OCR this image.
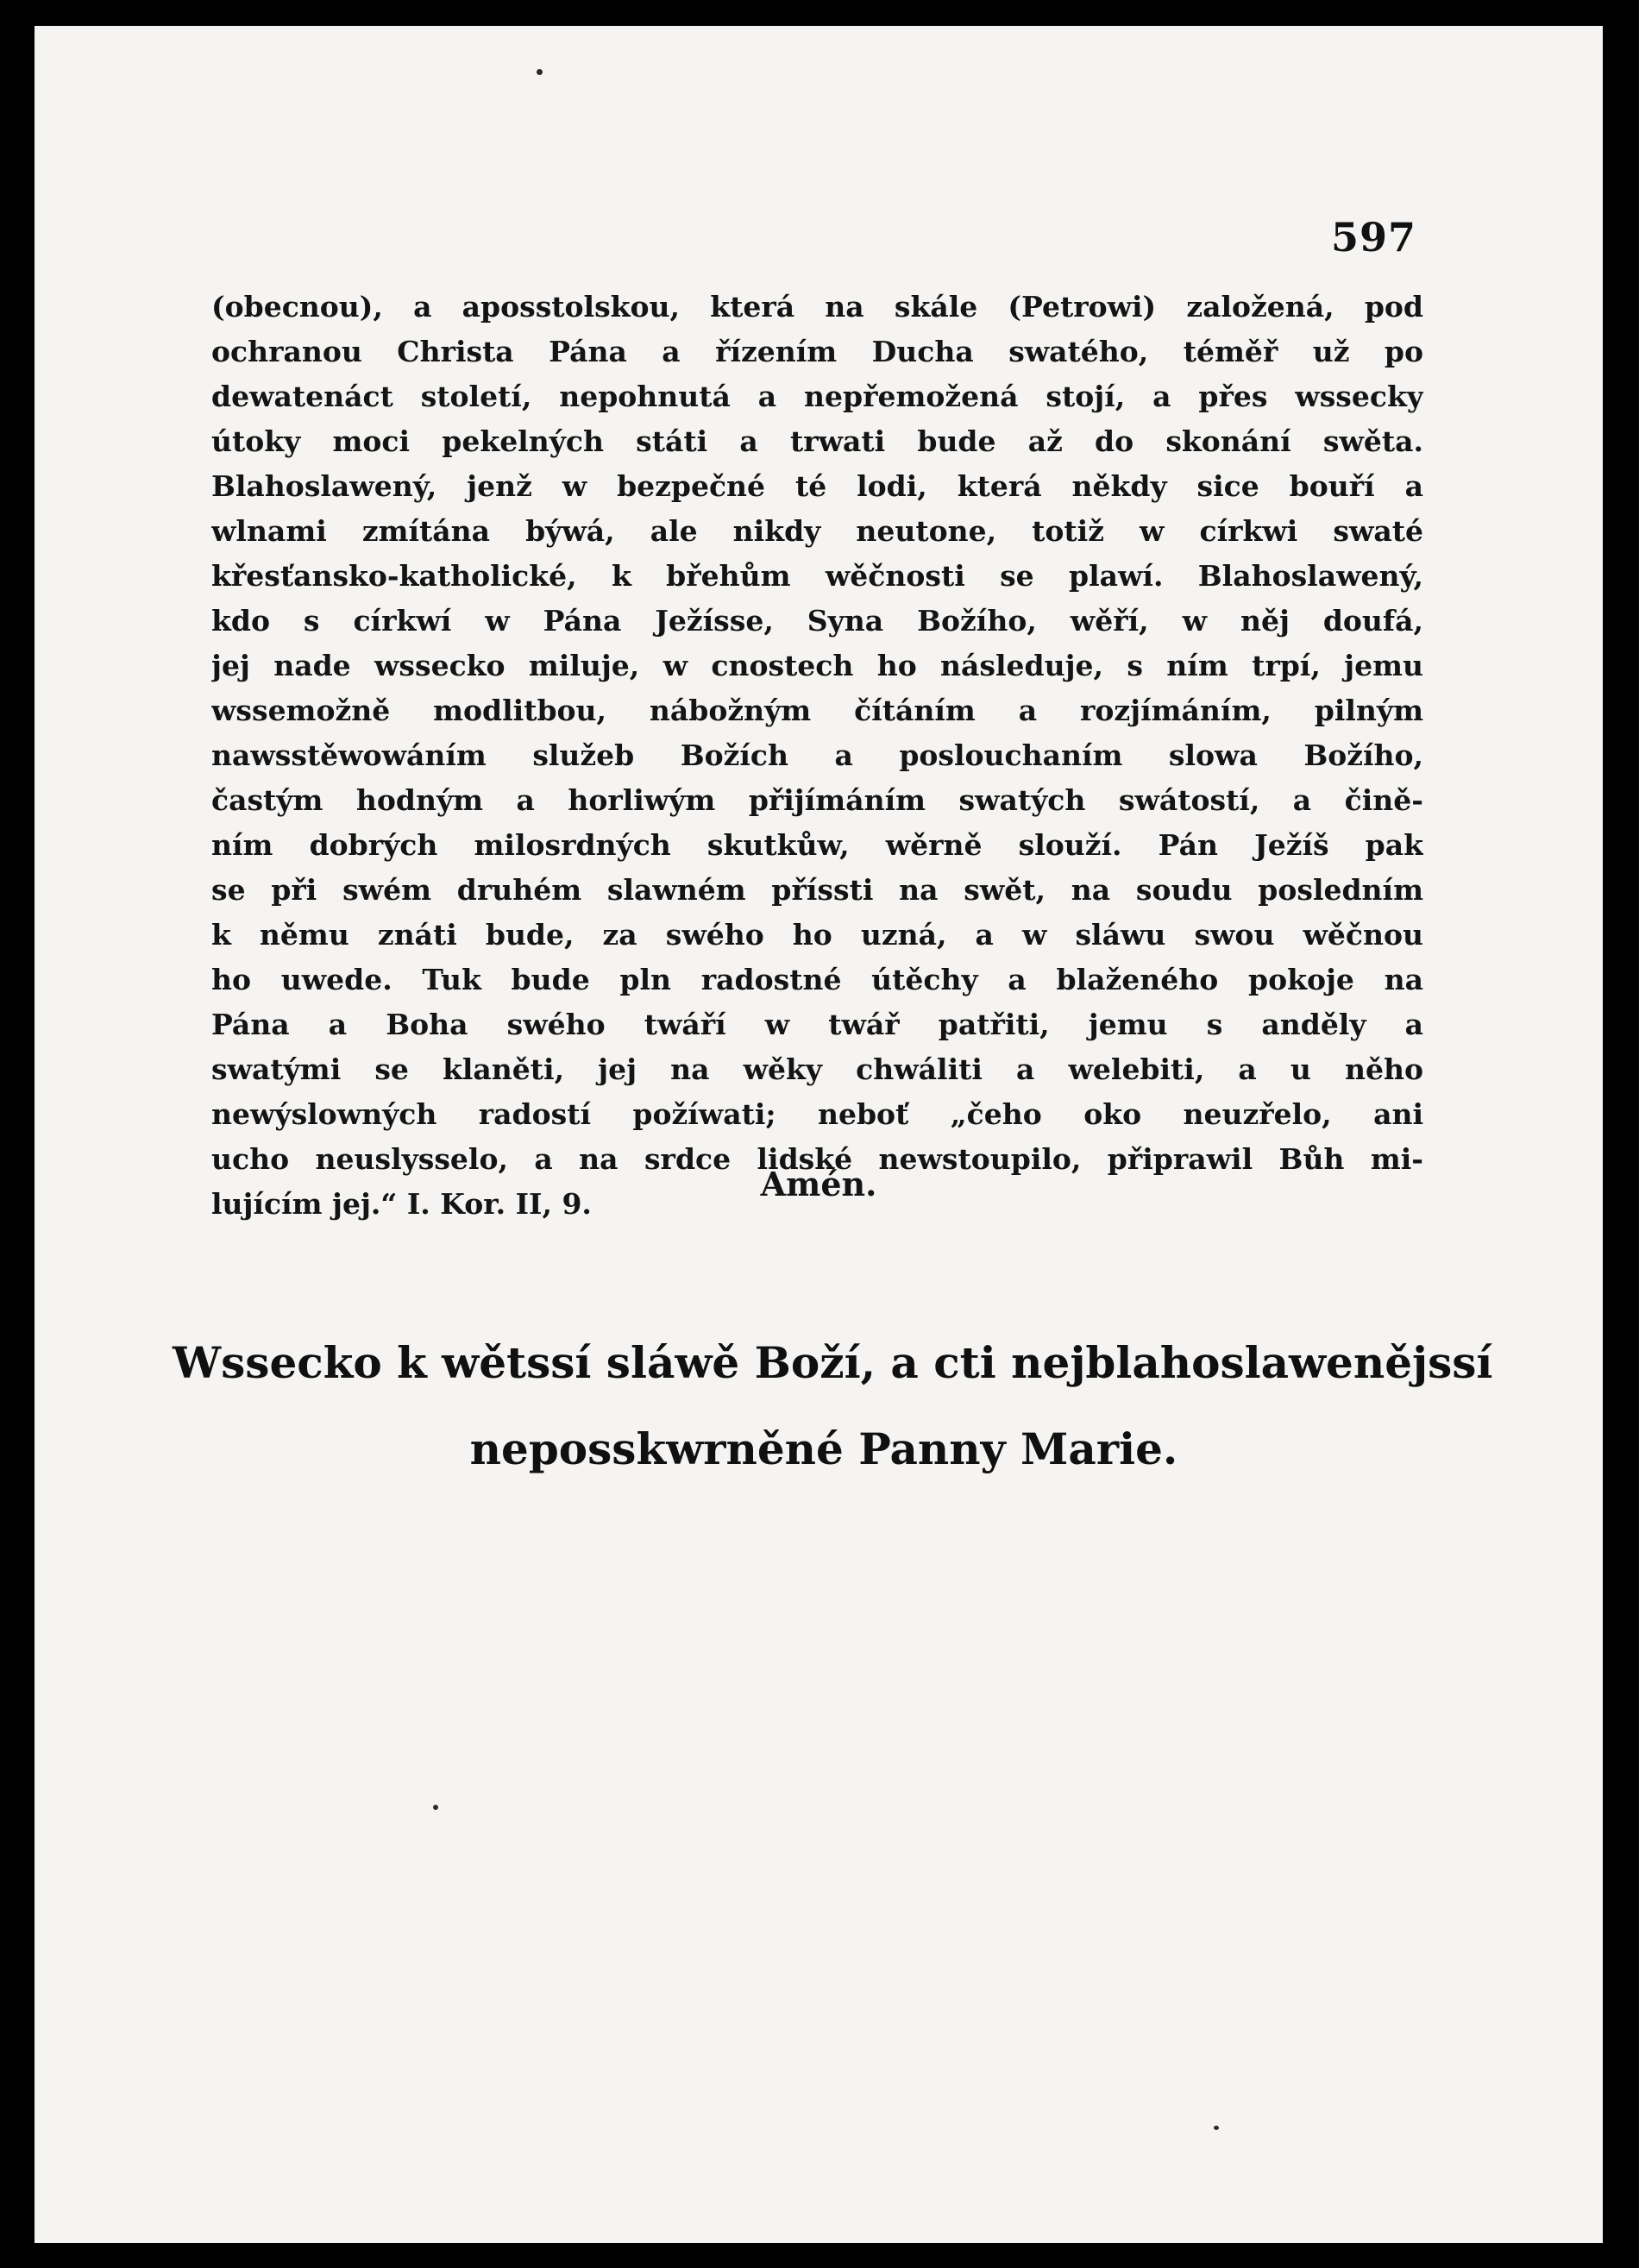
597
(obecnou), a aposstolskou, která na skále (Petrowi) založená, pod
ochranou Christa Pána a řízením Ducha swatého, téměř už po
dewatenáct století, nepohnutá a nepřemožená stojí, a přes wssecky
útoky moci pekelných státi a trwati bude až do skonání swěta.
Blahoslawený, jenž w bezpečné té lodi, která někdy sice bouří a
wlnami zmítána býwá, ale nikdy neutone, totiž w církwi swaté
křesťansko-katholické, k břehům wěčnosti se plawí. Blahoslawený,
kdo s církwí w Pána Ježísse, Syna Božího, wěří, w něj doufá,
jej nade wssecko miluje, w cnostech ho následuje, s ním trpí, jemu
wssemožně modlitbou, nábožným čítáním a rozjímáním, pilným
nawsstěwowáním služeb Božích a poslouchaním slowa Božího,
častým hodným a horliwým přijímáním swatých swátostí, a čině-
ním dobrých milosrdných skutkůw, wěrně slouží. Pán Ježíš pak
se při swém druhém slawném příssti na swět, na soudu posledním
k němu znáti bude, za swého ho uzná, a w sláwu swou wěčnou
ho uwede. Tuk bude pln radostné útěchy a blaženého pokoje na
Pána a Boha swého twáří w twář patřiti, jemu s anděly a
swatými se klaněti, jej na wěky chwáliti a welebiti, a u něho
newýslowných radostí požíwati; neboť „čeho oko neuzřelo, ani
ucho neuslysselo, a na srdce lidské newstoupilo, připrawil Bůh mi-
lujícím jej.“ I. Kor. II, 9.
Amén.
Wssecko k wětssí sláwě Boží, a cti nejblahoslawenějssí
neposskwrněné Panny Marie.
